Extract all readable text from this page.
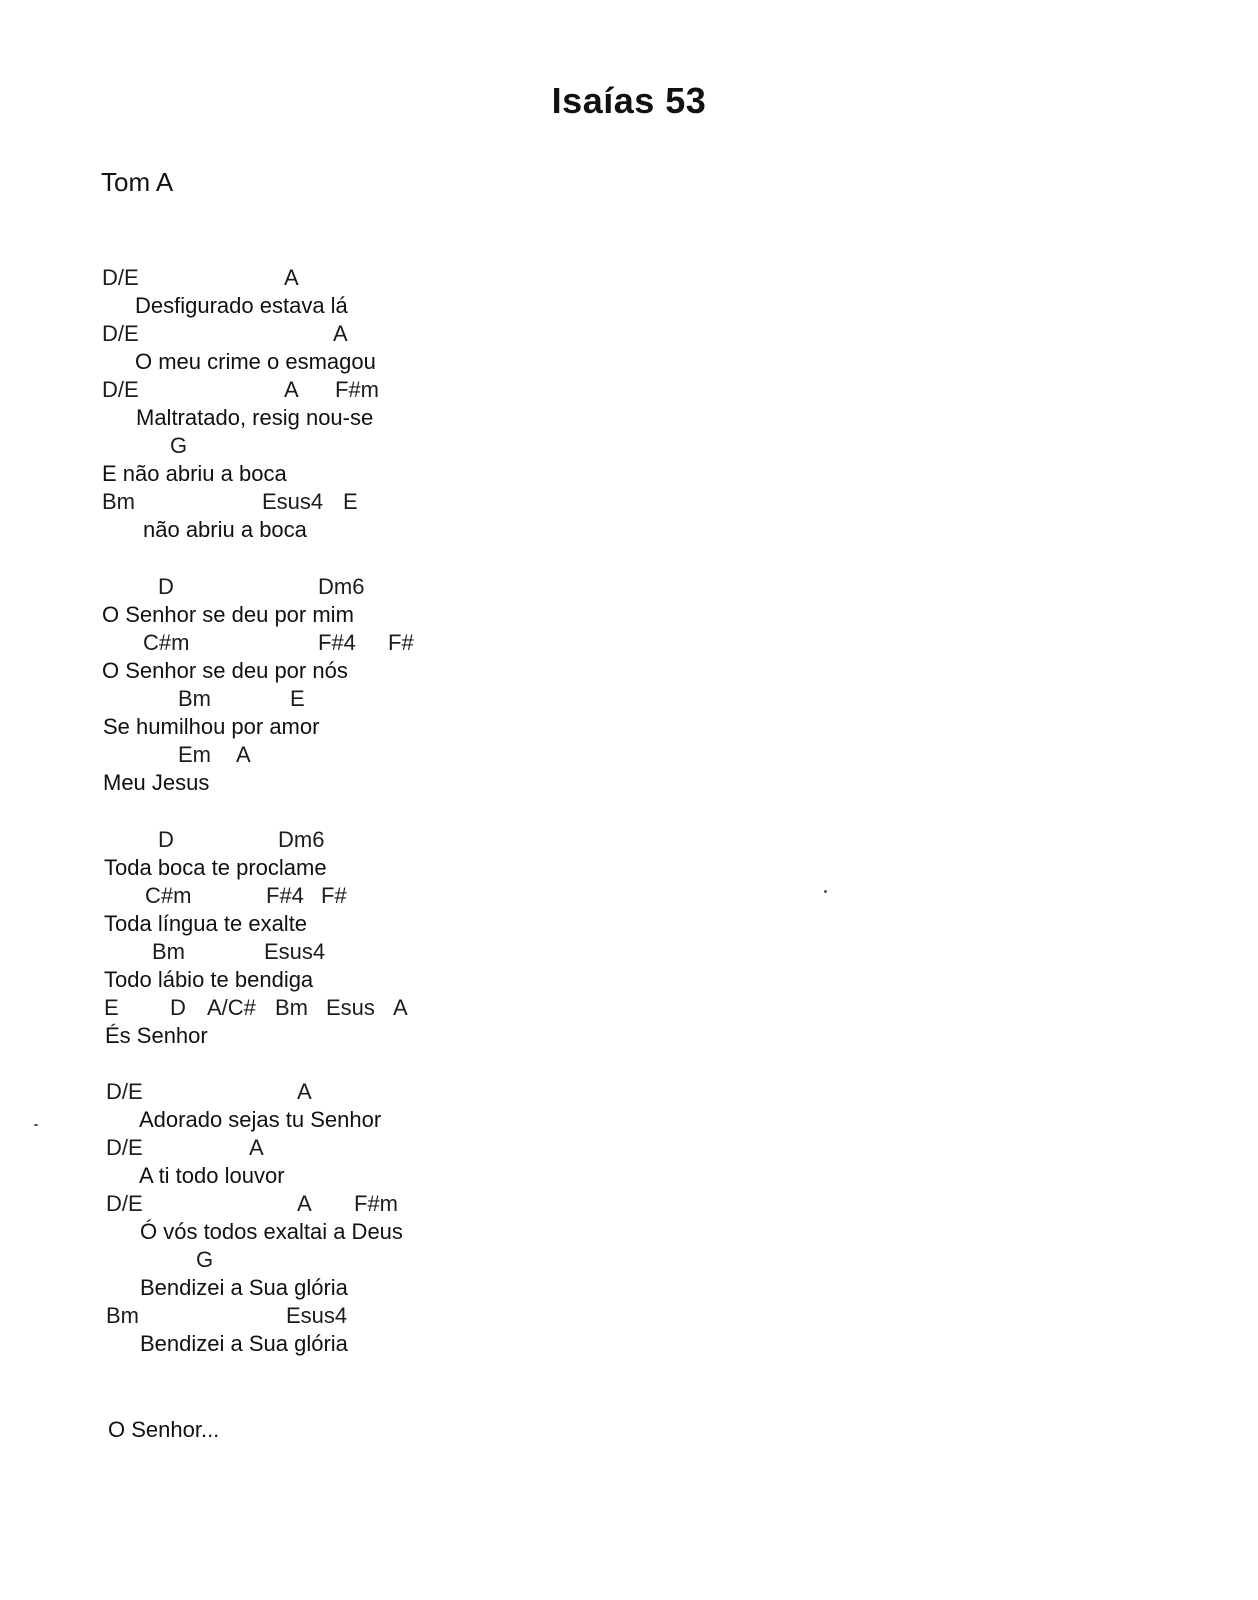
Isaías 53
Tom A
D/E	A
Desfigurado estava lá
D/E	A
O meu crime o esmagou
D/E	A F#m
Maltratado, resig nou-se
G
E não abriu a boca
Bm	Esus4 E
não abriu a boca
D	Dm6
O Senhor se deu por mim
C#m	F#4 F#
O Senhor se deu por nós
Bm	E
Se humilhou por amor
Em A
Meu Jesus
D	Dm6
Toda boca te proclame
C#m	F#4 F#
Toda língua te exalte
Bm	Esus4
Todo lábio te bendiga
E D A/C# Bm Esus A
És Senhor
D/E	A
Adorado sejas tu Senhor
D/E	A
A ti todo louvor
D/E	A F#m
Ó vós todos exaltai a Deus
G
Bendizei a Sua glória
Bm	Esus4
Bendizei a Sua glória
O Senhor...
